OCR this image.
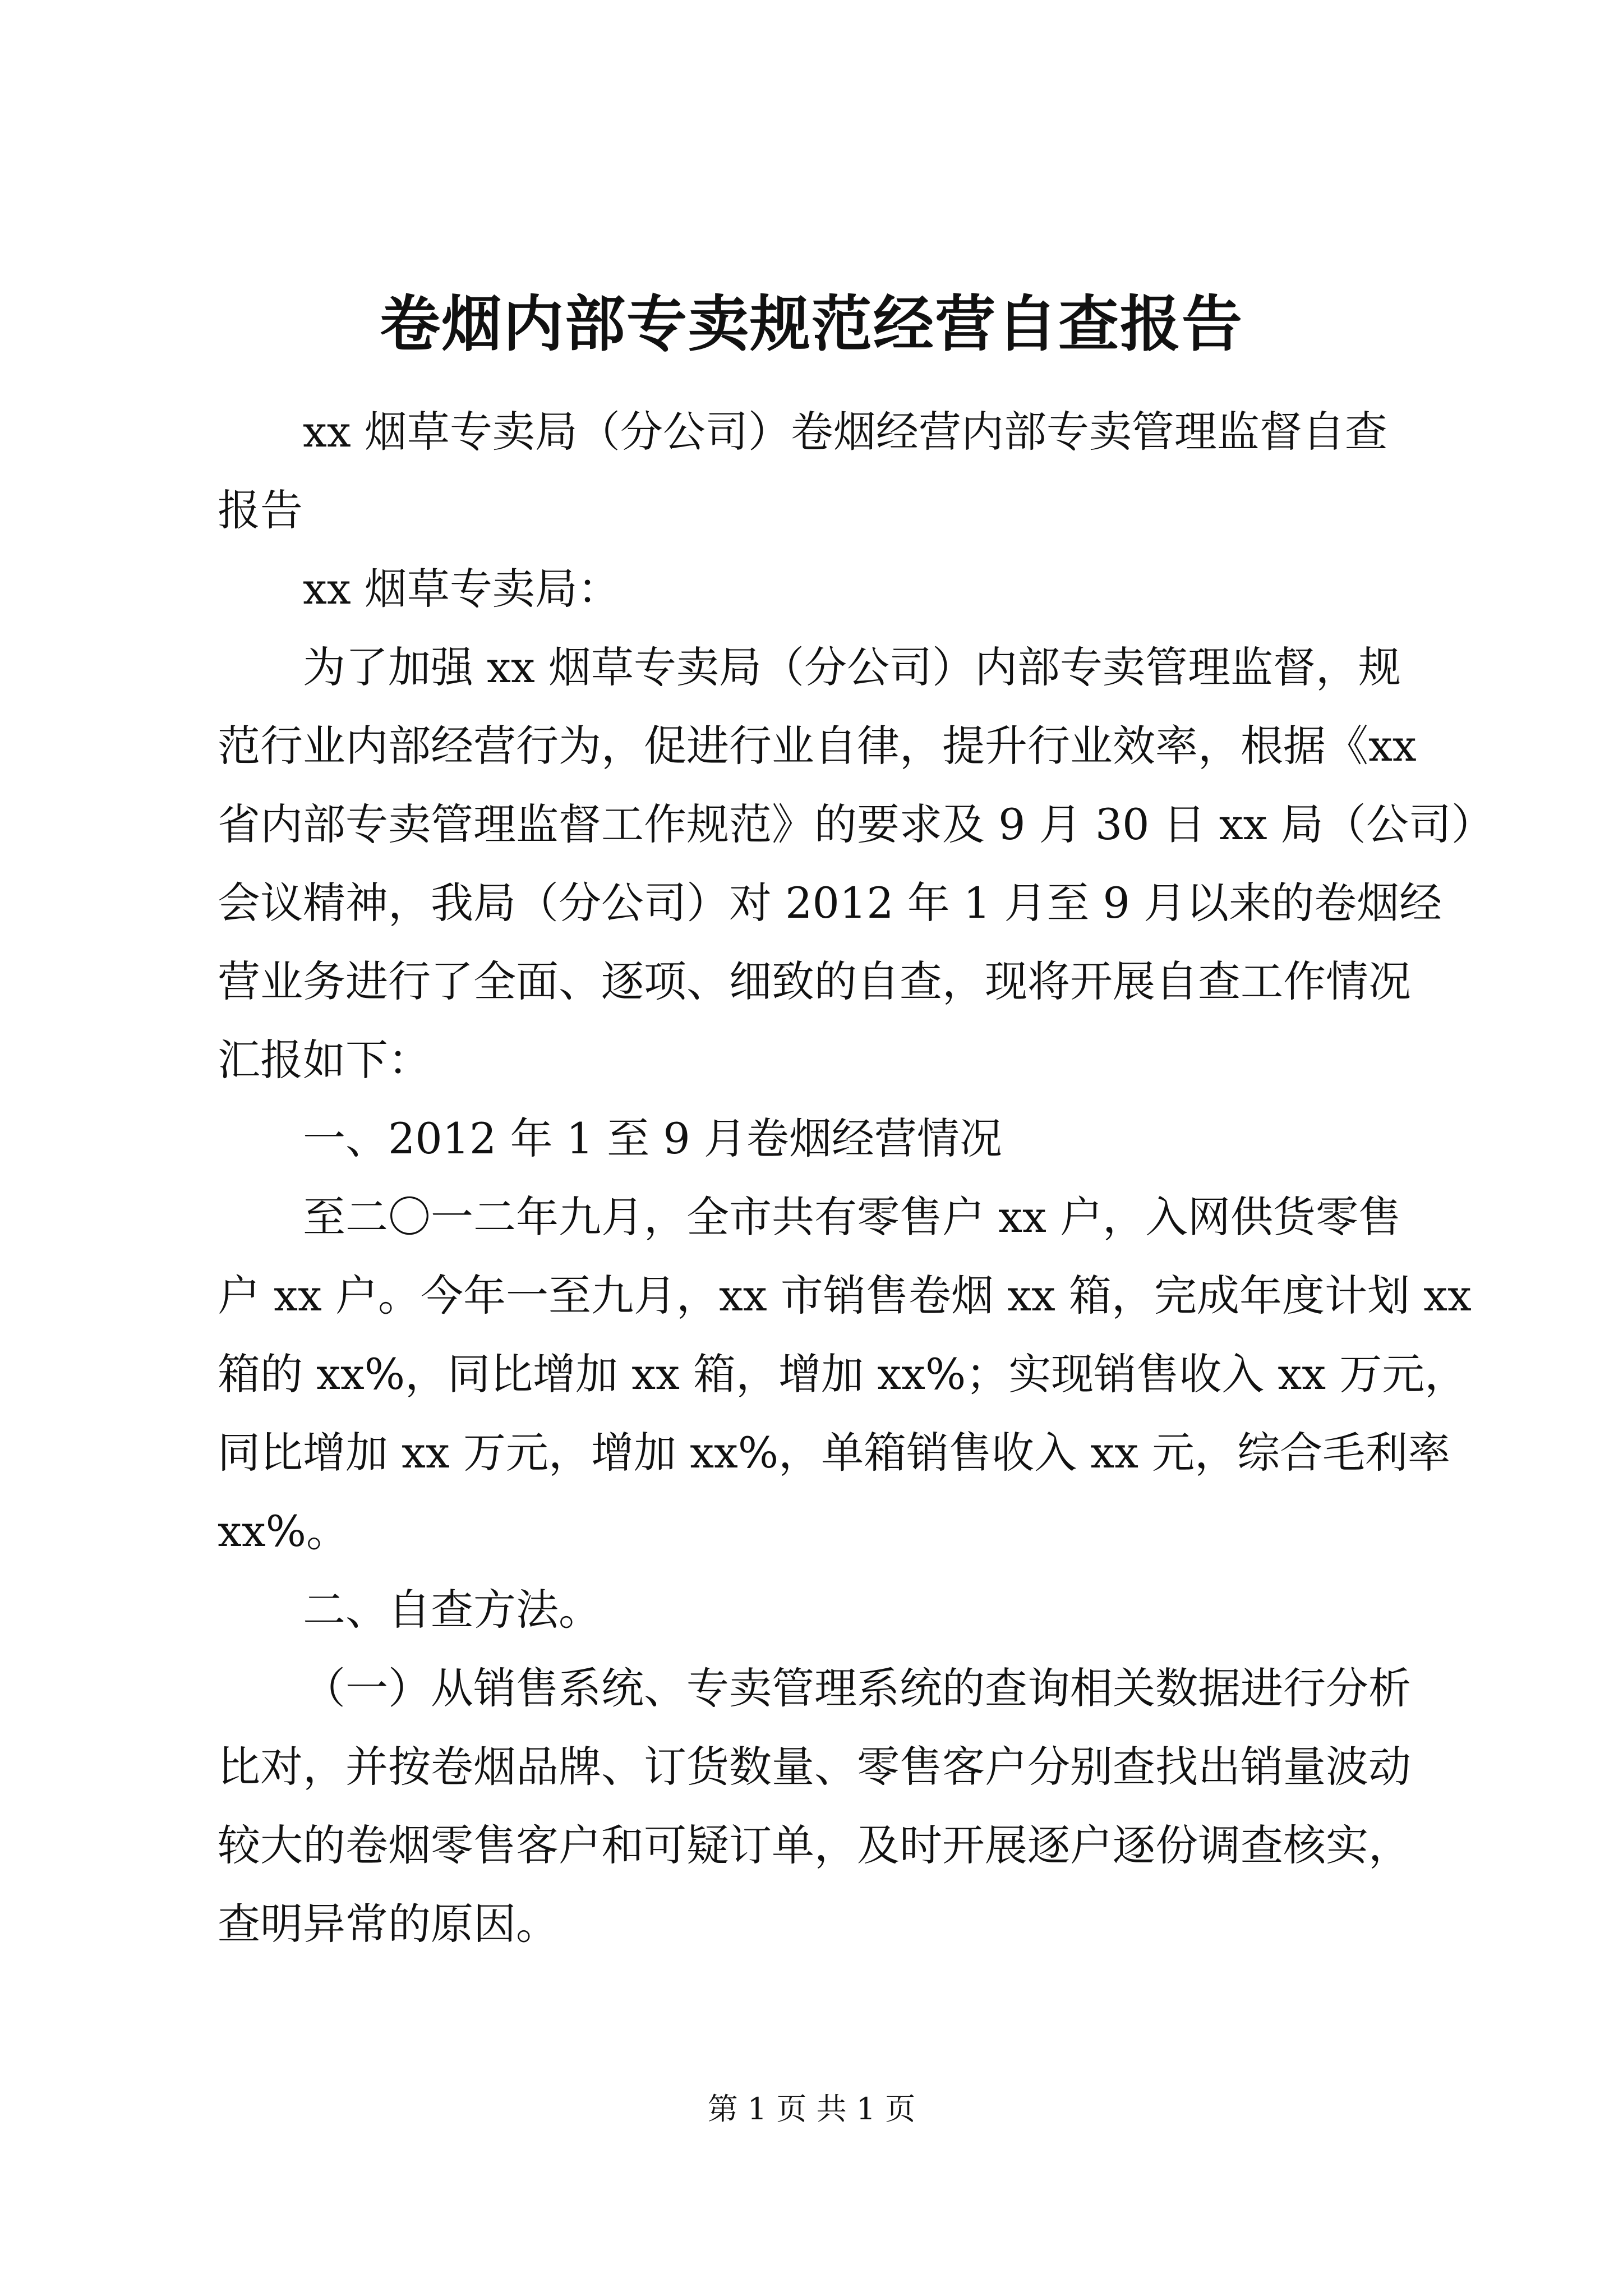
卷烟内部专卖规范经营自查报告
xx 烟草专卖局（分公司）卷烟经营内部专卖管理监督自查
报告
xx 烟草专卖局：
为了加强 xx 烟草专卖局（分公司）内部专卖管理监督，规
范行业内部经营行为，促进行业自律，提升行业效率，根据《xx
省内部专卖管理监督工作规范》的要求及 9 月 30 日 xx 局（公司）
会议精神，我局（分公司）对 2012 年 1 月至 9 月以来的卷烟经
营业务进行了全面、逐项、细致的自查，现将开展自查工作情况
汇报如下：
一、2012 年 1 至 9 月卷烟经营情况
至二〇一二年九月，全市共有零售户 xx 户，入网供货零售
户 xx 户。今年一至九月，xx 市销售卷烟 xx 箱，完成年度计划 xx
箱的 xx%，同比增加 xx 箱，增加 xx%；实现销售收入 xx 万元，
同比增加 xx 万元，增加 xx%，单箱销售收入 xx 元，综合毛利率
xx%。
二、自查方法。
（一）从销售系统、专卖管理系统的查询相关数据进行分析
比对，并按卷烟品牌、订货数量、零售客户分别查找出销量波动
较大的卷烟零售客户和可疑订单，及时开展逐户逐份调查核实，
查明异常的原因。
第 1 页 共 1 页
